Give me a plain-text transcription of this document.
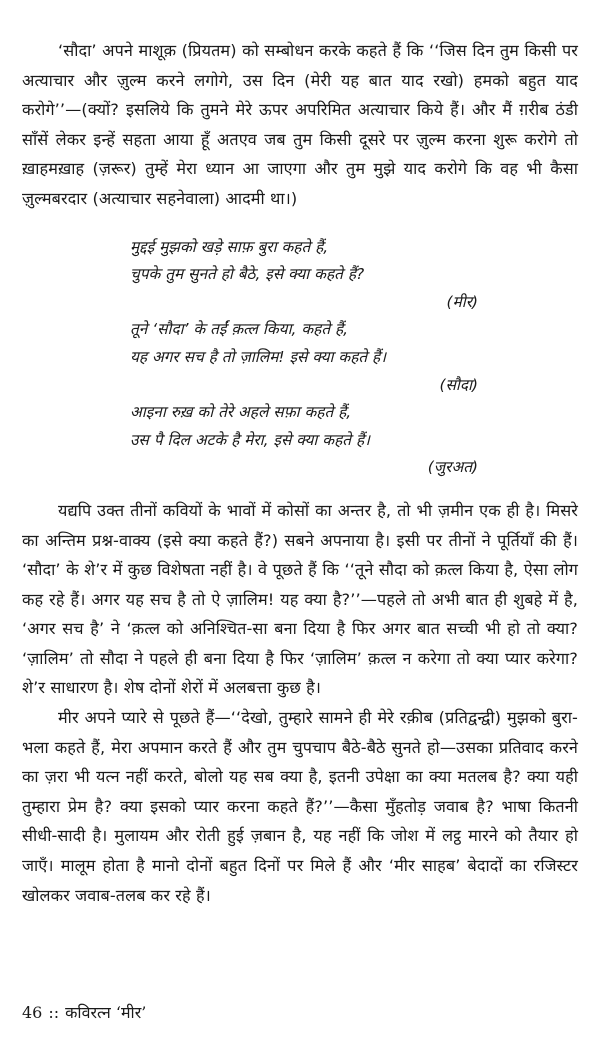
‘सौदा’ अपने माशूक़ (प्रियतम) को सम्बोधन करके कहते हैं कि ‘‘जिस दिन तुम किसी पर अत्याचार और ज़ुल्म करने लगोगे, उस दिन (मेरी यह बात याद रखो) हमको बहुत याद करोगे’’—(क्यों? इसलिये कि तुमने मेरे ऊपर अपरिमित अत्याचार किये हैं। और मैं ग़रीब ठंडी साँसें लेकर इन्हें सहता आया हूँ अतएव जब तुम किसी दूसरे पर ज़ुल्म करना शुरू करोगे तो ख़ाहमख़ाह (ज़रूर) तुम्हें मेरा ध्यान आ जाएगा और तुम मुझे याद करोगे कि वह भी कैसा ज़ुल्मबरदार (अत्याचार सहनेवाला) आदमी था।)

मुद्दई मुझको खड़े साफ़ बुरा कहते हैं,
चुपके तुम सुनते हो बैठे, इसे क्या कहते हैं?
(मीर)
तूने ‘सौदा’ के तईं क़त्ल किया, कहते हैं,
यह अगर सच है तो ज़ालिम! इसे क्या कहते हैं।
(सौदा)
आइना रुख़ को तेरे अहले सफ़ा कहते हैं,
उस पै दिल अटके है मेरा, इसे क्या कहते हैं।
(जुरअत)

यद्यपि उक्त तीनों कवियों के भावों में कोसों का अन्तर है, तो भी ज़मीन एक ही है। मिसरे का अन्तिम प्रश्न-वाक्य (इसे क्या कहते हैं?) सबने अपनाया है। इसी पर तीनों ने पूर्तियाँ की हैं। ‘सौदा’ के शे’र में कुछ विशेषता नहीं है। वे पूछते हैं कि ‘‘तूने सौदा को क़त्ल किया है, ऐसा लोग कह रहे हैं। अगर यह सच है तो ऐ ज़ालिम! यह क्या है?’’—पहले तो अभी बात ही शुबहे में है, ‘अगर सच है’ ने ‘क़त्ल को अनिश्चित-सा बना दिया है फिर अगर बात सच्ची भी हो तो क्या? ‘ज़ालिम’ तो सौदा ने पहले ही बना दिया है फिर ‘ज़ालिम’ क़त्ल न करेगा तो क्या प्यार करेगा? शे’र साधारण है। शेष दोनों शेरों में अलबत्ता कुछ है।

मीर अपने प्यारे से पूछते हैं—‘‘देखो, तुम्हारे सामने ही मेरे रक़ीब (प्रतिद्वन्द्वी) मुझको बुरा-भला कहते हैं, मेरा अपमान करते हैं और तुम चुपचाप बैठे-बैठे सुनते हो—उसका प्रतिवाद करने का ज़रा भी यत्न नहीं करते, बोलो यह सब क्या है, इतनी उपेक्षा का क्या मतलब है? क्या यही तुम्हारा प्रेम है? क्या इसको प्यार करना कहते हैं?’’—कैसा मुँहतोड़ जवाब है? भाषा कितनी सीधी-सादी है। मुलायम और रोती हुई ज़बान है, यह नहीं कि जोश में लट्ठ मारने को तैयार हो जाएँ। मालूम होता है मानो दोनों बहुत दिनों पर मिले हैं और ‘मीर साहब’ बेदादों का रजिस्टर खोलकर जवाब-तलब कर रहे हैं।

46 :: कविरत्न ‘मीर’
